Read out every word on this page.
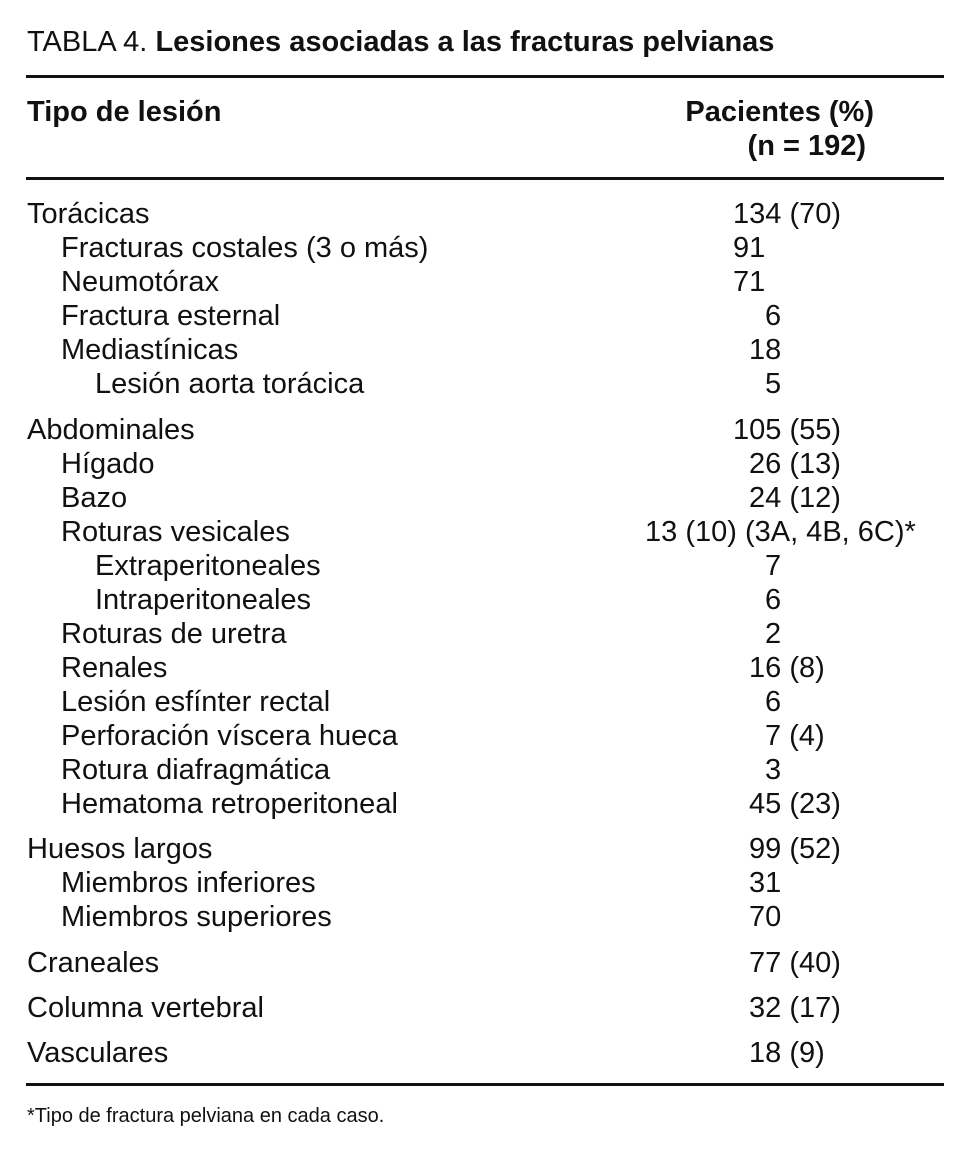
TABLA 4. Lesiones asociadas a las fracturas pelvianas
Tipo de lesión	Pacientes (%)
(n = 192)
Torácicas	134 (70)
Fracturas costales (3 o más)	91
Neumotórax	71
Fractura esternal	6
Mediastínicas	18
Lesión aorta torácica	5
Abdominales	105 (55)
Hígado	26 (13)
Bazo	24 (12)
Roturas vesicales	13 (10) (3A, 4B, 6C)*
Extraperitoneales	7
Intraperitoneales	6
Roturas de uretra	2
Renales	16 (8)
Lesión esfínter rectal	6
Perforación víscera hueca	7 (4)
Rotura diafragmática	3
Hematoma retroperitoneal	45 (23)
Huesos largos	99 (52)
Miembros inferiores	31
Miembros superiores	70
Craneales	77 (40)
Columna vertebral	32 (17)
Vasculares	18 (9)
*Tipo de fractura pelviana en cada caso.
